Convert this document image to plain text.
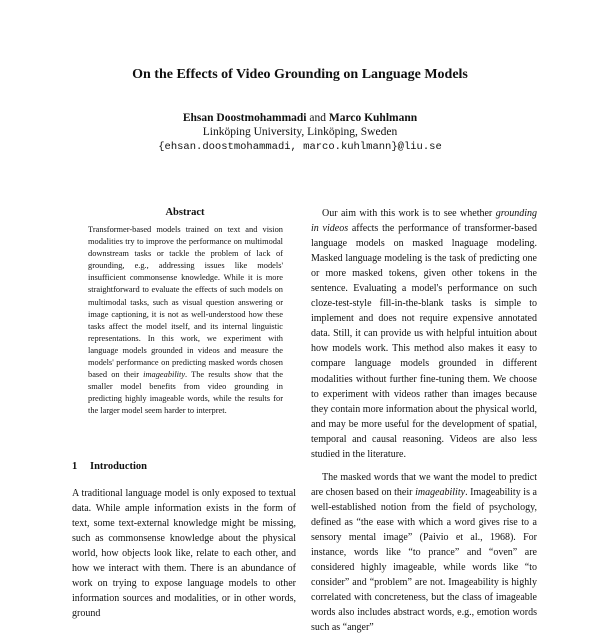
On the Effects of Video Grounding on Language Models
Ehsan Doostmohammadi and Marco Kuhlmann
Linköping University, Linköping, Sweden
{ehsan.doostmohammadi, marco.kuhlmann}@liu.se
Abstract
Transformer-based models trained on text and vision modalities try to improve the performance on multimodal downstream tasks or tackle the problem of lack of grounding, e.g., addressing issues like models' insufficient commonsense knowledge. While it is more straightforward to evaluate the effects of such models on multimodal tasks, such as visual question answering or image captioning, it is not as well-understood how these tasks affect the model itself, and its internal linguistic representations. In this work, we experiment with language models grounded in videos and measure the models' performance on predicting masked words chosen based on their imageability. The results show that the smaller model benefits from video grounding in predicting highly imageable words, while the results for the larger model seem harder to interpret.
1 Introduction
A traditional language model is only exposed to textual data. While ample information exists in the form of text, some text-external knowledge might be missing, such as commonsense knowledge about the physical world, how objects look like, relate to each other, and how we interact with them. There is an abundance of work on trying to expose language models to other information sources and modalities, or in other words, ground

Our aim with this work is to see whether grounding in videos affects the performance of transformer-based language models on masked lnaguage modeling. Masked language modeling is the task of predicting one or more masked tokens, given other tokens in the sentence. Evaluating a model's performance on such cloze-test-style fill-in-the-blank tasks is simple to implement and does not require expensive annotated data. Still, it can provide us with helpful intuition about how models work. This method also makes it easy to compare language models grounded in different modalities without further fine-tuning them. We choose to experiment with videos rather than images because they contain more information about the physical world, and may be more useful for the development of spatial, temporal and causal reasoning. Videos are also less studied in the literature.

The masked words that we want the model to predict are chosen based on their imageability. Imageability is a well-established notion from the field of psychology, defined as “the ease with which a word gives rise to a sensory mental image” (Paivio et al., 1968). For instance, words like “to prance” and “oven” are considered highly imageable, while words like “to consider” and “problem” are not. Imageability is highly correlated with concreteness, but the class of imageable words also includes abstract words, e.g., emotion words such as “anger”
